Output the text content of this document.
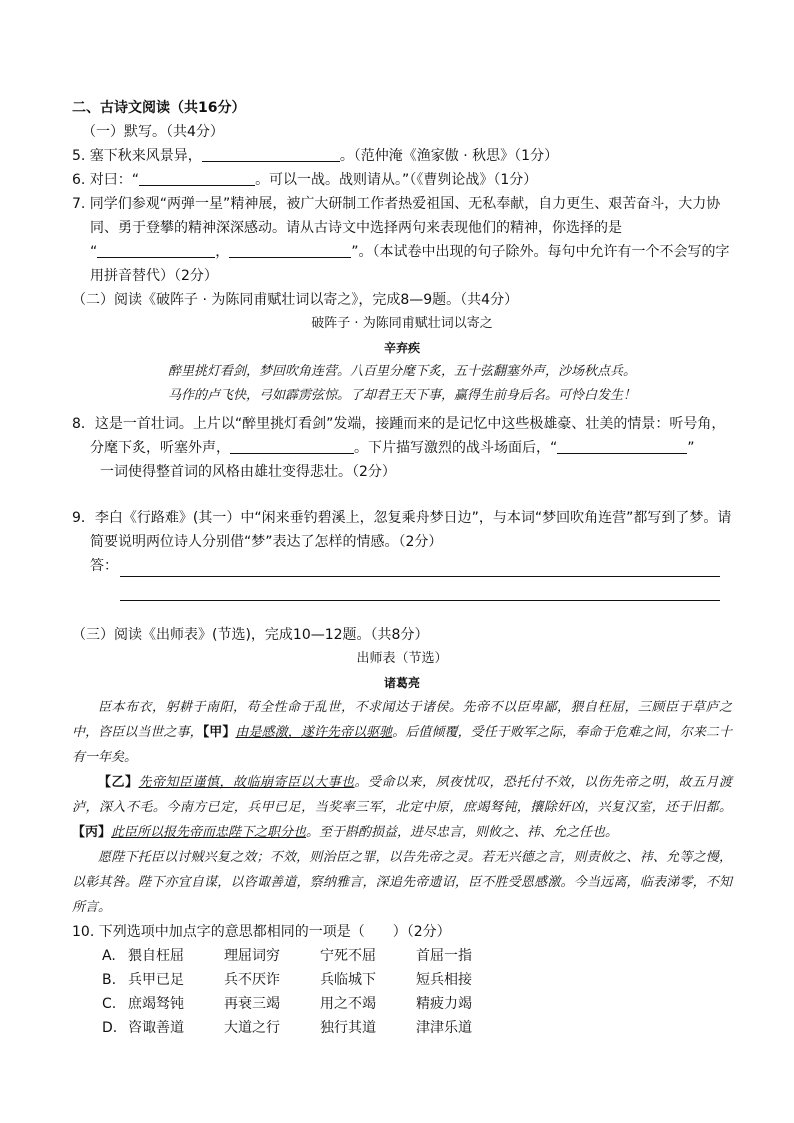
二、古诗文阅读（共16分）
（一）默写。（共4分）
5. 塞下秋来风景异，	。（范仲淹《渔家傲 · 秋思》（1分）
6. 对曰：“	。可以一战。战则请从。”（《曹刿论战》（1分）
7. 同学们参观“两弹一星”精神展，被广大研制工作者热爱祖国、无私奉献，自力更生、艰苦奋斗，大力协
同、勇于登攀的精神深深感动。请从古诗文中选择两句来表现他们的精神，你选择的是
“	，	”。（本试卷中出现的句子除外。每句中允许有一个不会写的字
用拼音替代）（2分）
（二）阅读《破阵子 · 为陈同甫赋壮词以寄之》，完成8—9题。（共4分）
破阵子 · 为陈同甫赋壮词以寄之
辛弃疾
醉里挑灯看剑，梦回吹角连营。八百里分麾下炙，五十弦翻塞外声，沙场秋点兵。
马作的卢飞快，弓如霹雳弦惊。了却君王天下事，赢得生前身后名。可怜白发生！
8．这是一首壮词。上片以“醉里挑灯看剑”发端，接踵而来的是记忆中这些极雄豪、壮美的情景：听号角，
分麾下炙，听塞外声，	。下片描写激烈的战斗场面后，“	”
一词使得整首词的风格由雄壮变得悲壮。（2分）
9．李白《行路难》(其一）中“闲来垂钓碧溪上，忽复乘舟梦日边”，与本词“梦回吹角连营”都写到了梦。请
简要说明两位诗人分别借“梦”表达了怎样的情感。（2分）
答：
（三）阅读《出师表》(节选)，完成10—12题。（共8分）
出师表（节选）
诸葛亮
臣本布衣，躬耕于南阳，苟全性命于乱世，不求闻达于诸侯。先帝不以臣卑鄙，猥自枉屈，三顾臣于草庐之中，咨臣以当世之事，【甲】由是感激，遂许先帝以驱驰。后值倾覆，受任于败军之际，奉命于危难之间，尔来二十有一年矣。
【乙】先帝知臣谨慎，故临崩寄臣以大事也。受命以来，夙夜忧叹，恐托付不效，以伤先帝之明，故五月渡泸，深入不毛。今南方已定，兵甲已足，当奖率三军，北定中原，庶竭驽钝，攘除奸凶，兴复汉室，还于旧都。【丙】此臣所以报先帝而忠陛下之职分也。至于斟酌损益，进尽忠言，则攸之、祎、允之任也。
愿陛下托臣以讨贼兴复之效；不效，则治臣之罪，以告先帝之灵。若无兴德之言，则责攸之、祎、允等之慢，以彰其咎。陛下亦宜自谋，以咨诹善道，察纳雅言，深追先帝遗诏，臣不胜受恩感激。今当远离，临表涕零，不知所言。
10. 下列选项中加点字的意思都相同的一项是（　　）（2分）
A. 猥自枉屈	理屈词穷	宁死不屈	首屈一指
B. 兵甲已足	兵不厌诈	兵临城下	短兵相接
C. 庶竭驽钝	再衰三竭	用之不竭	精疲力竭
D. 咨诹善道	大道之行	独行其道	津津乐道
